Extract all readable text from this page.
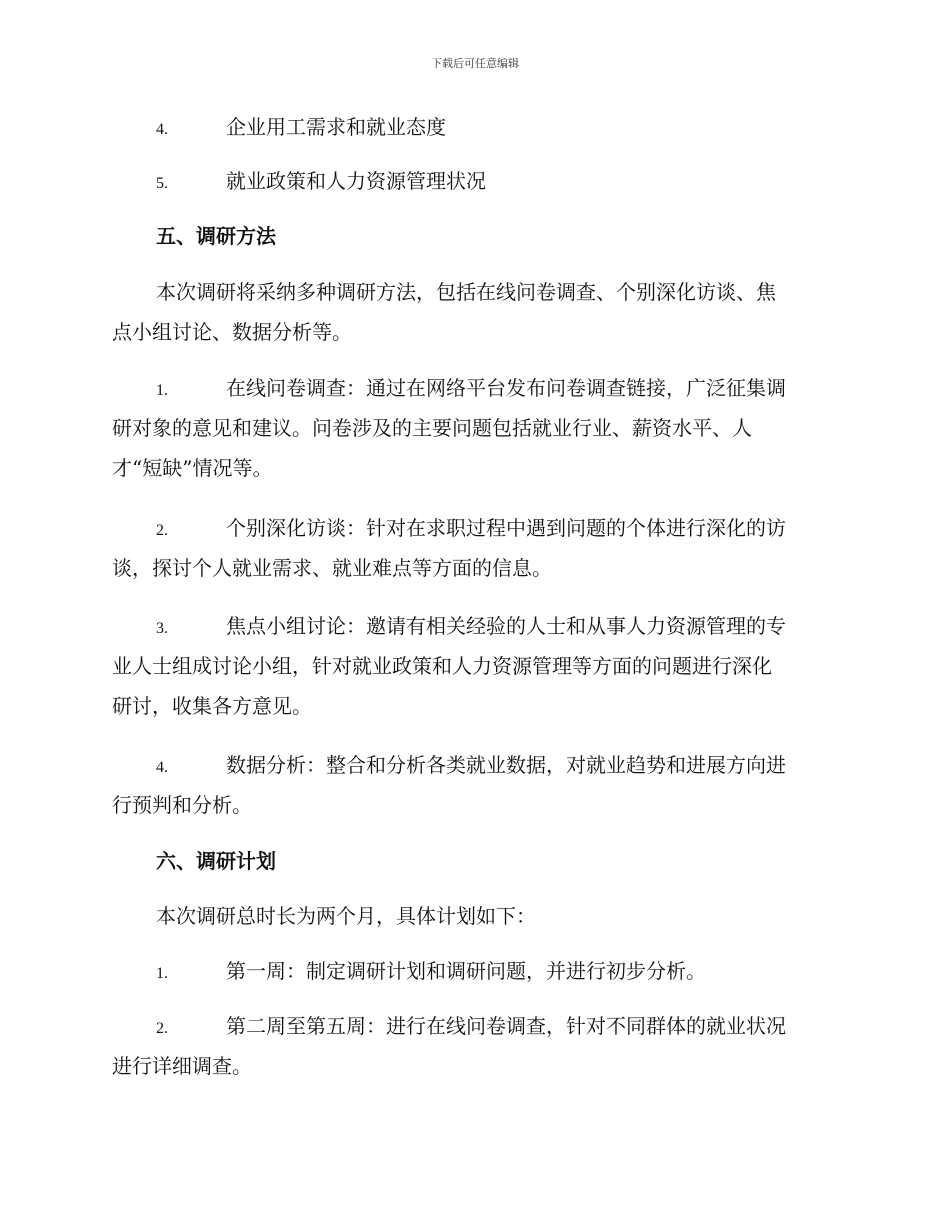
下载后可任意编辑
4.	企业用工需求和就业态度
5.	就业政策和人力资源管理状况
五、调研方法
本次调研将采纳多种调研方法，包括在线问卷调查、个别深化访谈、焦
点小组讨论、数据分析等。
1.	在线问卷调查：通过在网络平台发布问卷调查链接，广泛征集调
研对象的意见和建议。问卷涉及的主要问题包括就业行业、薪资水平、人
才“短缺”情况等。
2.	个别深化访谈：针对在求职过程中遇到问题的个体进行深化的访
谈，探讨个人就业需求、就业难点等方面的信息。
3.	焦点小组讨论：邀请有相关经验的人士和从事人力资源管理的专
业人士组成讨论小组，针对就业政策和人力资源管理等方面的问题进行深化
研讨，收集各方意见。
4.	数据分析：整合和分析各类就业数据，对就业趋势和进展方向进
行预判和分析。
六、调研计划
本次调研总时长为两个月，具体计划如下：
1.	第一周：制定调研计划和调研问题，并进行初步分析。
2.	第二周至第五周：进行在线问卷调查，针对不同群体的就业状况
进行详细调查。
